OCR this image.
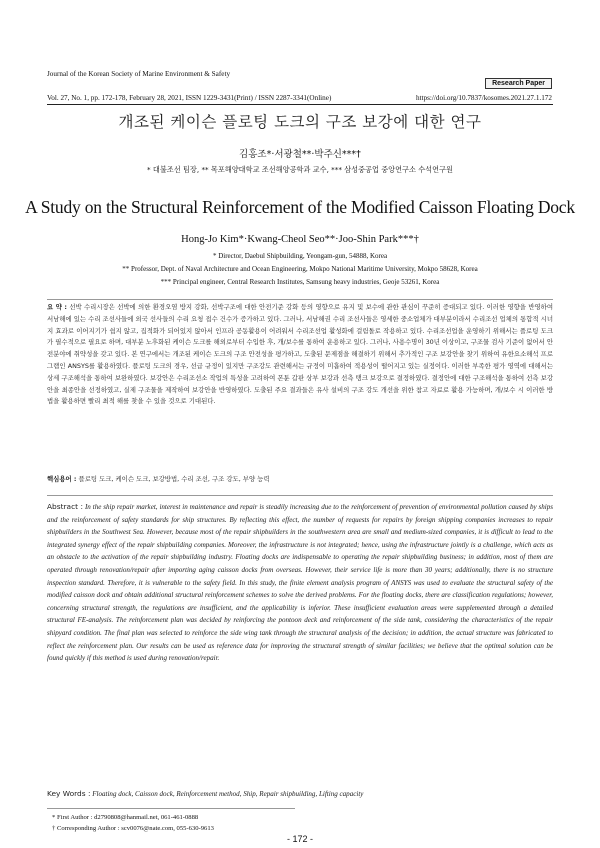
Journal of the Korean Society of Marine Environment & Safety
Research Paper
Vol. 27, No. 1, pp. 172-178, February 28, 2021, ISSN 1229-3431(Print) / ISSN 2287-3341(Online)	https://doi.org/10.7837/kosomes.2021.27.1.172
개조된 케이슨 플로팅 도크의 구조 보강에 대한 연구
김홍조*·서광철**·박주신***†
* 대불조선 팀장, ** 목포해양대학교 조선해양공학과 교수, *** 삼성중공업 중앙연구소 수석연구원
A Study on the Structural Reinforcement of the Modified Caisson Floating Dock
Hong-Jo Kim*·Kwang-Cheol Seo**·Joo-Shin Park***†
* Director, Daebul Shipbuilding, Yeongam-gun, 54888, Korea
** Professor, Dept. of Naval Architecture and Ocean Engineering, Mokpo National Maritime University, Mokpo 58628, Korea
*** Principal engineer, Central Research Institutes, Samsung heavy industries, Geoje 53261, Korea
요 약 : 선박 수리시장은 선박에 의한 환경오염 방지 강화, 선박구조에 대한 안전기준 강화 등의 영향으로 유지 및 보수에 관한 관심이 꾸준히 증대되고 있다. 이러한 영향을 반영하여 서남해에 있는 수리 조선사들에 외국 선사들의 수리 요청 접수 건수가 증가하고 있다. 그러나, 서남해권 수리 조선사들은 영세한 중소업체가 대부분이라서 수리조선 업체의 통합적 시너지 효과로 이어지기가 쉽지 않고, 집적화가 되어있지 않아서 인프라 공동활용이 어려워서 수리조선업 활성화에 걸림돌로 작용하고 있다. 수리조선업을 운영하기 위해서는 플로팅 도크가 필수적으로 필요로 하며, 대부분 노후화된 케이슨 도크를 해외로부터 수입한 후, 개/보수를 통하여 운용하고 있다. 그러나, 사용수명이 30년 이상이고, 구조물 검사 기준이 없어서 안전분야에 취약성을 갖고 있다. 본 연구에서는 개조된 케이슨 도크의 구조 안전성을 평가하고, 도출된 문제점을 해결하기 위해서 추가적인 구조 보강안을 찾기 위하여 유한요소해석 프로그램인 ANSYS를 활용하였다. 플로팅 도크의 경우, 선급 규정이 있지만 구조강도 관련해서는 규정이 미흡하여 적용성이 떨어지고 있는 실정이다. 이러한 부족한 평가 영역에 대해서는 상세 구조해석을 통하여 보완하였다. 보강안은 수리조선소 작업의 특성을 고려하여 폰툰 갑판 상부 보강과 선측 탱크 보강으로 결정하였다. 결정안에 대한 구조해석을 통하여 선측 보강안을 최종안을 선정하였고, 실제 구조물을 제작하여 보강안을 반영하였다. 도출된 주요 결과들은 유사 설비의 구조 강도 개선을 위한 참고 자료로 활용 가능하며, 개/보수 시 이러한 방법을 활용하면 빨리 최적 해를 찾을 수 있을 것으로 기대된다.
핵심용어 : 플로팅 도크, 케이슨 도크, 보강방법, 수리 조선, 구조 강도, 부양 능력
Abstract : In the ship repair market, interest in maintenance and repair is steadily increasing due to the reinforcement of prevention of environmental pollution caused by ships and the reinforcement of safety standards for ship structures. By reflecting this effect, the number of requests for repairs by foreign shipping companies increases to repair shipbuilders in the Southwest Sea. However, because most of the repair shipbuilders in the southwestern area are small and medium-sized companies, it is difficult to lead to the integrated synergy effect of the repair shipbuilding companies. Moreover, the infrastructure is not integrated; hence, using the infrastructure jointly is a challenge, which acts as an obstacle to the activation of the repair shipbuilding industry. Floating docks are indispensable to operating the repair shipbuilding business; in addition, most of them are operated through renovation/repair after importing aging caisson docks from overseas. However, their service life is more than 30 years; additionally, there is no structure inspection standard. Therefore, it is vulnerable to the safety field. In this study, the finite element analysis program of ANSYS was used to evaluate the structural safety of the modified caisson dock and obtain additional structural reinforcement schemes to solve the derived problems. For the floating docks, there are classification regulations; however, concerning structural strength, the regulations are insufficient, and the applicability is inferior. These insufficient evaluation areas were supplemented through a detailed structural FE-analysis. The reinforcement plan was decided by reinforcing the pontoon deck and reinforcement of the side tank, considering the characteristics of the repair shipyard condition. The final plan was selected to reinforce the side wing tank through the structural analysis of the decision; in addition, the actual structure was fabricated to reflect the reinforcement plan. Our results can be used as reference data for improving the structural strength of similar facilities; we believe that the optimal solution can be found quickly if this method is used during renovation/repair.
Key Words : Floating dock, Caisson dock, Reinforcement method, Ship, Repair shipbuilding, Lifting capacity
* First Author : d2790808@hanmail.net, 061-461-0888
† Corresponding Author : scv0076@nate.com, 055-630-9613
- 172 -
